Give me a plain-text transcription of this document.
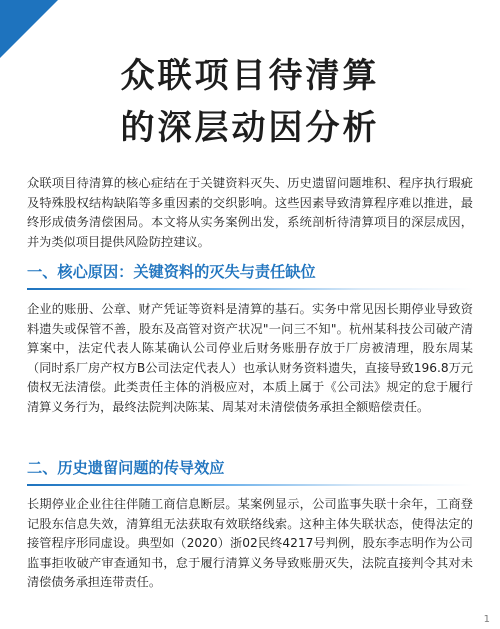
众联项目待清算
的深层动因分析
众联项目待清算的核心症结在于关键资料灭失、历史遗留问题堆积、程序执行瑕疵及特殊股权结构缺陷等多重因素的交织影响。这些因素导致清算程序难以推进，最终形成债务清偿困局。本文将从实务案例出发，系统剖析待清算项目的深层成因，并为类似项目提供风险防控建议。
一、核心原因：关键资料的灭失与责任缺位
企业的账册、公章、财产凭证等资料是清算的基石。实务中常见因长期停业导致资料遗失或保管不善，股东及高管对资产状况"一问三不知"。杭州某科技公司破产清算案中，法定代表人陈某确认公司停业后财务账册存放于厂房被清理，股东周某（同时系厂房产权方B公司法定代表人）也承认财务资料遗失，直接导致196.8万元债权无法清偿。此类责任主体的消极应对，本质上属于《公司法》规定的怠于履行清算义务行为，最终法院判决陈某、周某对未清偿债务承担全额赔偿责任。
二、历史遗留问题的传导效应
长期停业企业往往伴随工商信息断层。某案例显示，公司监事失联十余年，工商登记股东信息失效，清算组无法获取有效联络线索。这种主体失联状态，使得法定的接管程序形同虚设。典型如（2020）浙02民终4217号判例，股东李志明作为公司监事拒收破产审查通知书，怠于履行清算义务导致账册灭失，法院直接判令其对未清偿债务承担连带责任。
1
